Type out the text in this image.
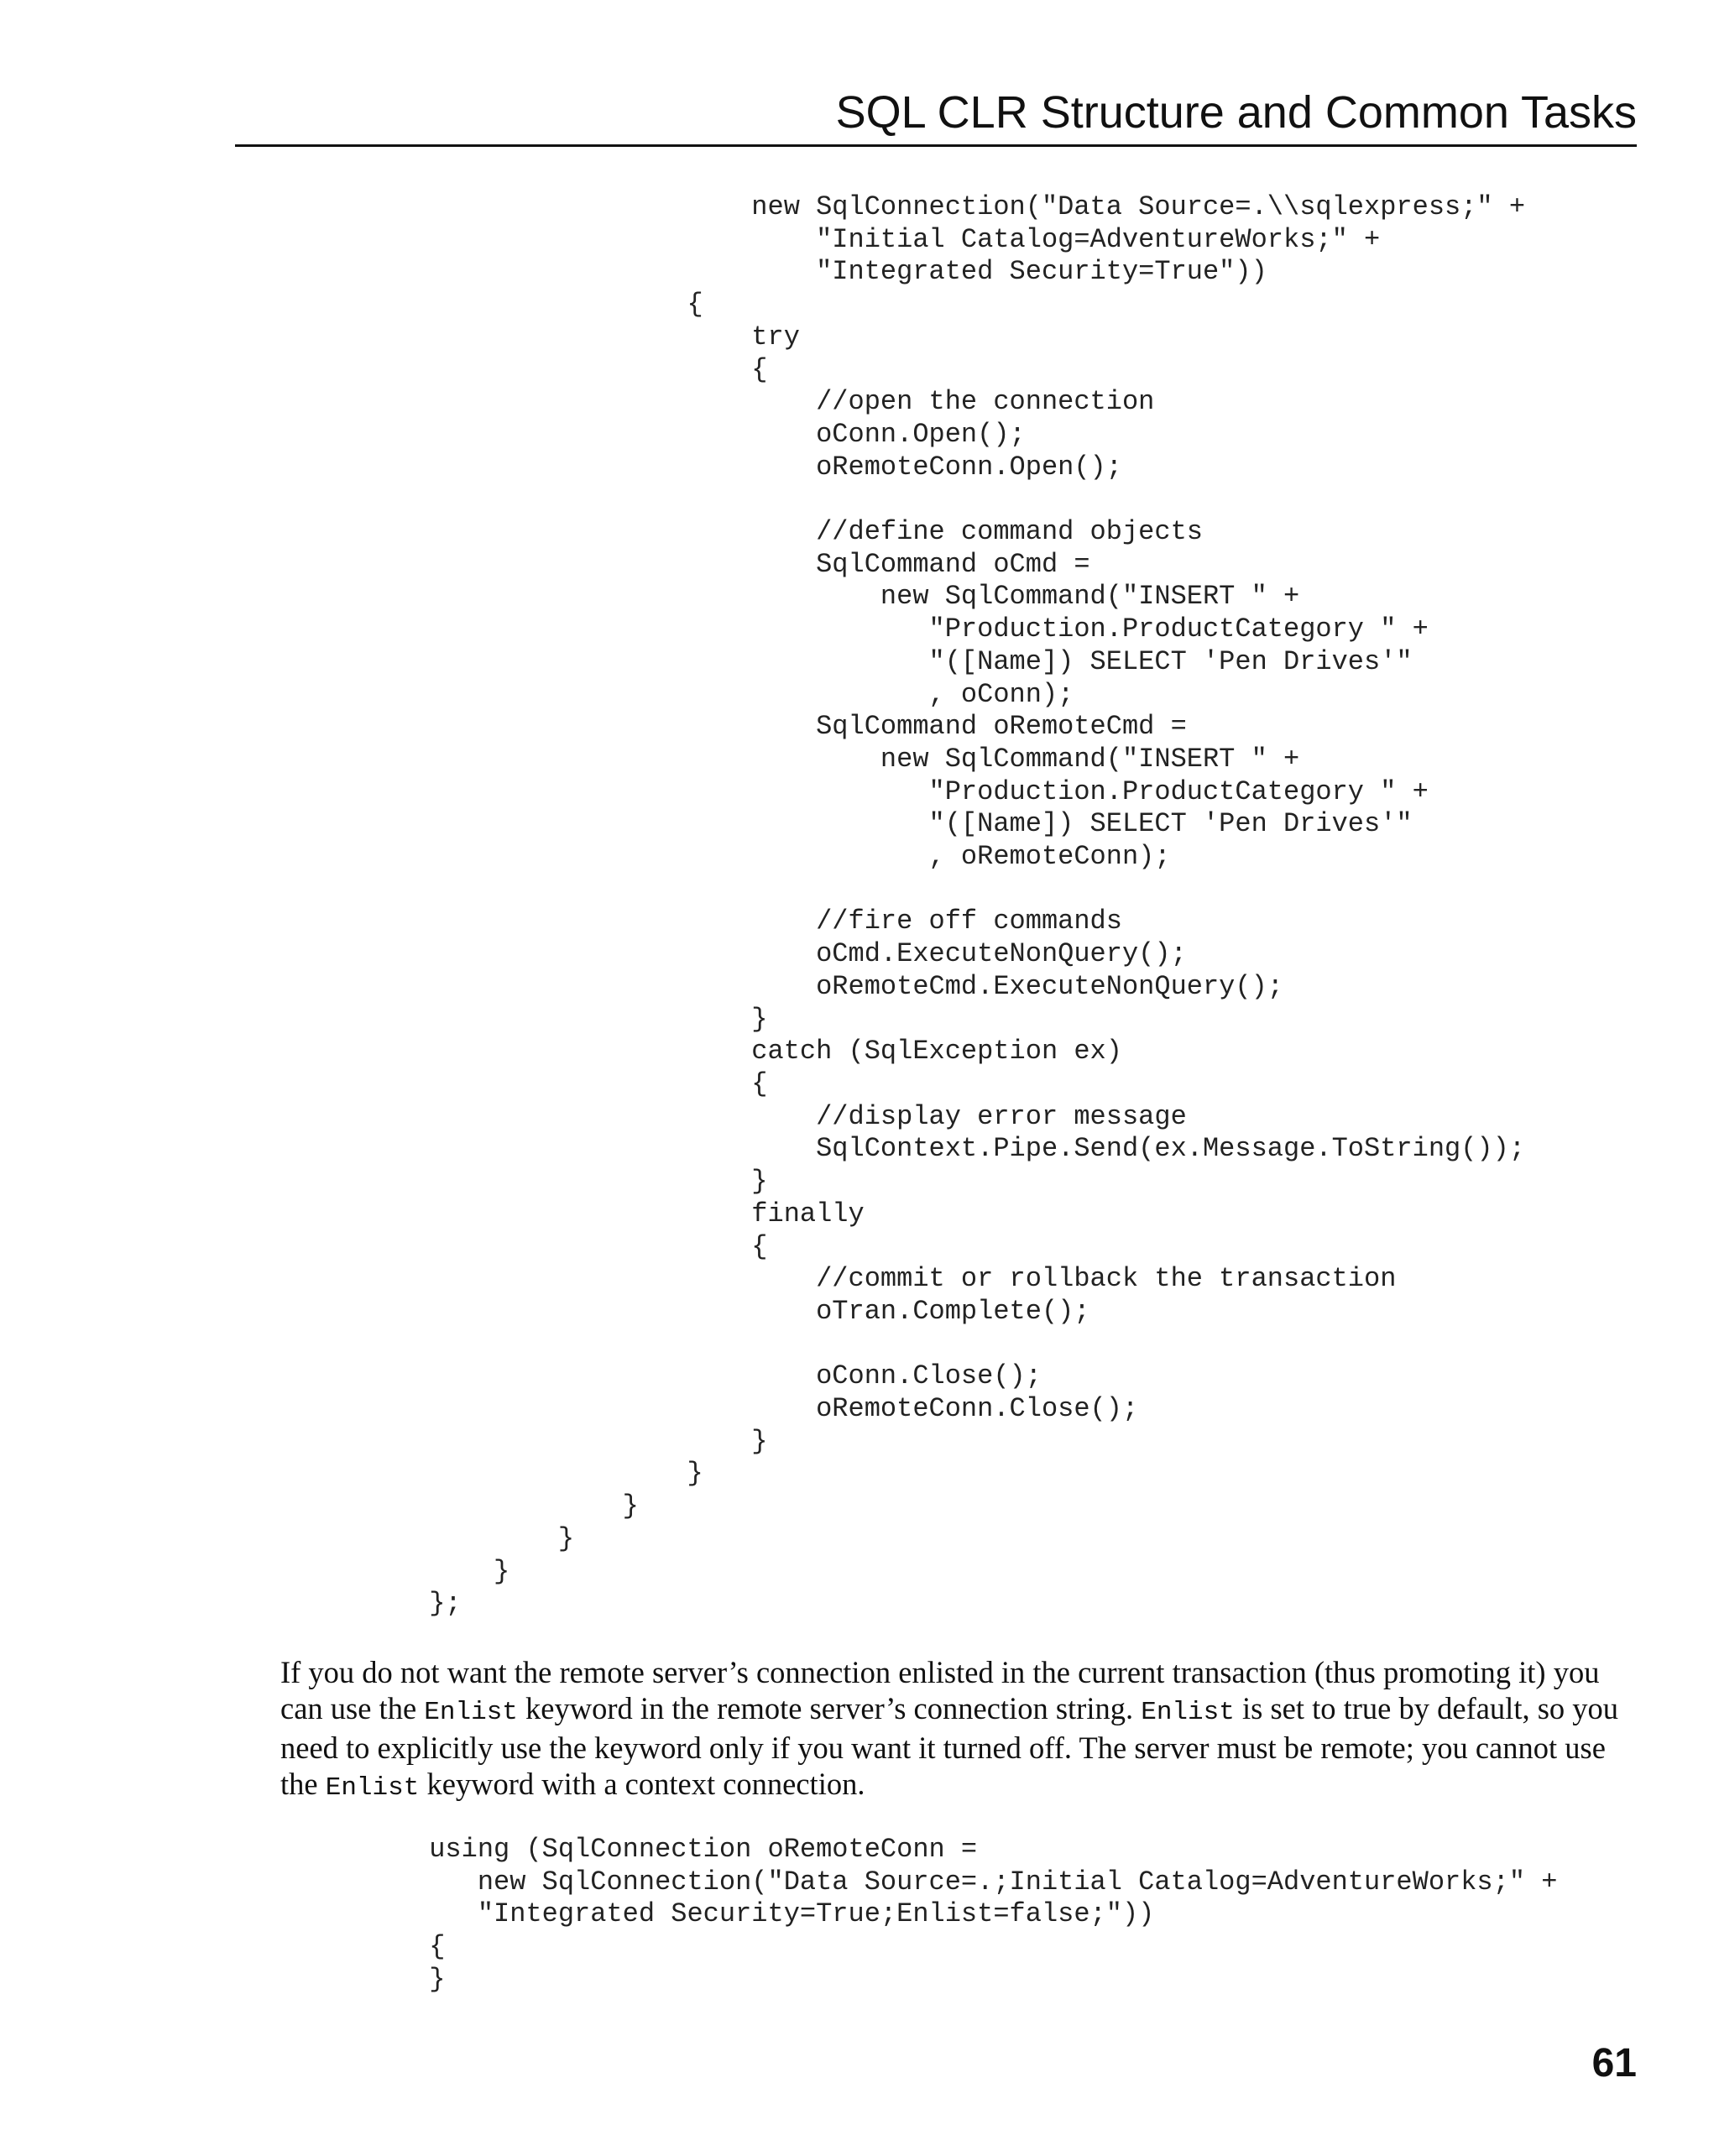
SQL CLR Structure and Common Tasks
new SqlConnection("Data Source=.\\sqlexpress;" +
"Initial Catalog=AdventureWorks;" +
"Integrated Security=True"))
{
try
{
//open the connection
oConn.Open();
oRemoteConn.Open();

//define command objects
SqlCommand oCmd =
new SqlCommand("INSERT " +
"Production.ProductCategory " +
"([Name]) SELECT 'Pen Drives'"
, oConn);
SqlCommand oRemoteCmd =
new SqlCommand("INSERT " +
"Production.ProductCategory " +
"([Name]) SELECT 'Pen Drives'"
, oRemoteConn);

//fire off commands
oCmd.ExecuteNonQuery();
oRemoteCmd.ExecuteNonQuery();
}
catch (SqlException ex)
{
//display error message
SqlContext.Pipe.Send(ex.Message.ToString());
}
finally
{
//commit or rollback the transaction
oTran.Complete();

oConn.Close();
oRemoteConn.Close();
}
}
}
}
}
};

If you do not want the remote server’s connection enlisted in the current transaction (thus promoting it) you can use the Enlist keyword in the remote server’s connection string. Enlist is set to true by default, so you need to explicitly use the keyword only if you want it turned off. The server must be remote; you cannot use the Enlist keyword with a context connection.

using (SqlConnection oRemoteConn =
new SqlConnection("Data Source=.;Initial Catalog=AdventureWorks;" +
"Integrated Security=True;Enlist=false;"))
{
}
61
